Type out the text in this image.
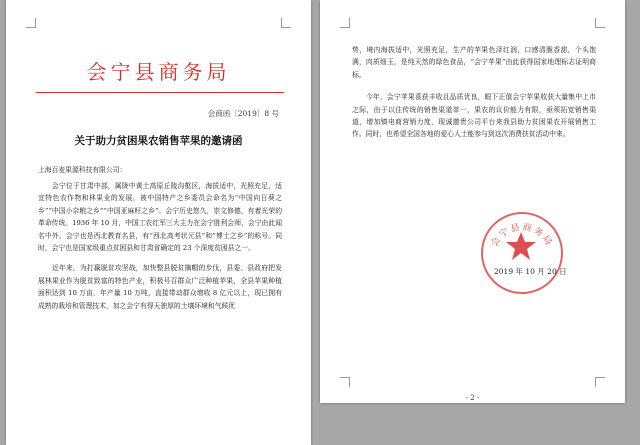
会宁县商务局
会商函〔2019〕8 号
关于助力贫困果农销售苹果的邀请函

上海百麦果源科技有限公司：

会宁位于甘肃中部，属陇中黄土高原丘陵沟壑区，海拔适中，光照充足，适宜特色农作物和林果业的发展，被中国特产之乡委员会命名为“中国向日葵之乡”“中国小杂粮之乡”“中国亚麻籽之乡”。会宁历史悠久，崇文修德，有着光荣的革命传统。1936 年 10 月，中国工农红军三大主力在会宁胜利会师，会宁由此闻名中外。会宁也是西北教育名县，有“西北高考状元县”和“博士之乡”的称号。同时，会宁也是国家级重点贫困县和甘肃省确定的 23 个深度贫困县之一。

近年来，为打赢脱贫攻坚战，加快整县脱贫摘帽的步伐，县委、县政府把发展林果业作为脱贫致富的特色产业，积极号召群众广泛种植苹果，全县苹果种植面积达到 10 万亩，年产量 10 万吨，直接带动群众增收 8 亿元以上，现已拥有成熟的栽培和管理技术，加之会宁有得天独厚的土壤环境和气候优

势，境内海拔适中，光照充足，生产的苹果色泽红润，口感清脆香甜，个头饱满，肉质细玉，是纯天然的绿色食品，“会宁苹果”由此获得国家地理标志证明商标。

今年，会宁苹果喜获丰收且品质优良，眼下正值会宁苹果收获大量集中上市之际，由于以往传统的销售渠道单一，果农的议价能力有限，亟须拓宽销售渠道，增加镇电商营销力度，现诚邀贵公司平台来我县助力贫困果农开展销售工作。同时，也希望全国各地的爱心人士能参与到这次消费扶贫活动中来。

会宁县商务局
2019 年 10 月 20 日
- 2 -
